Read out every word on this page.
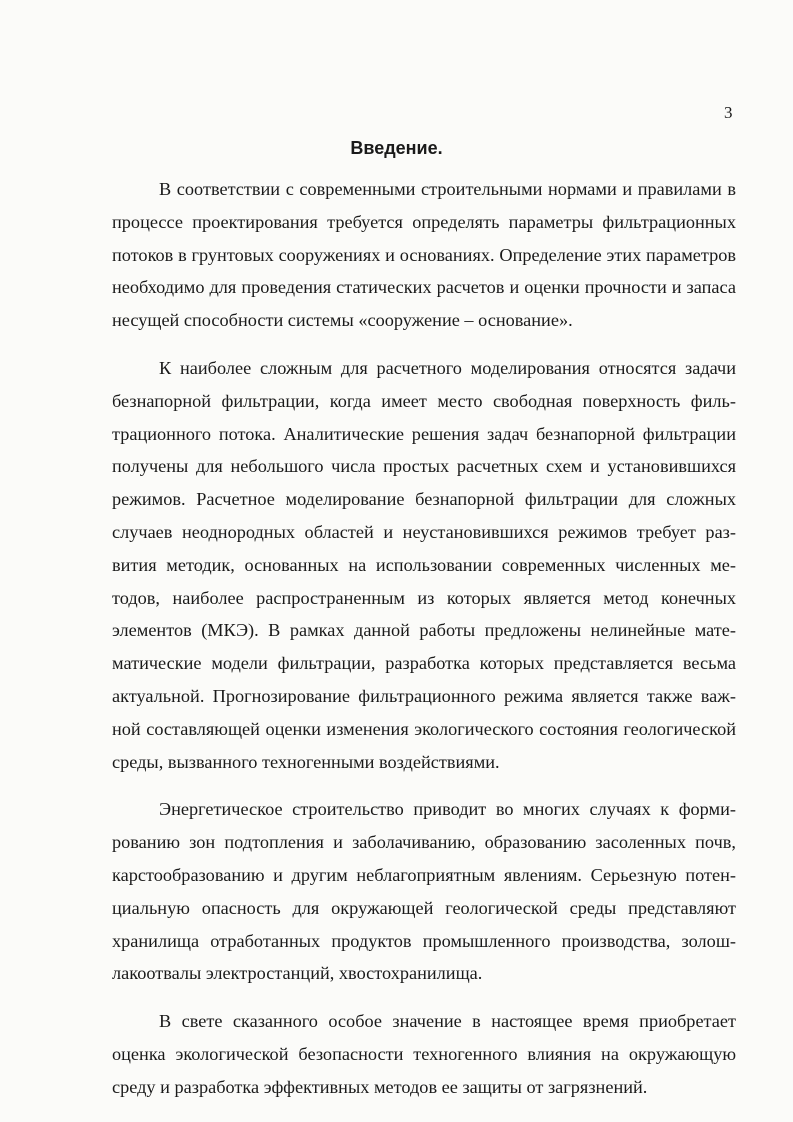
3
Введение.

В соответствии с современными строительными нормами и правилами в процессе проектирования требуется определять параметры фильтрационных потоков в грунтовых сооружениях и основаниях. Определение этих параметров необходимо для проведения статических расчетов и оценки прочности и запаса несущей способности системы «сооружение – основание».

К наиболее сложным для расчетного моделирования относятся задачи безнапорной фильтрации, когда имеет место свободная поверхность фильтрационного потока. Аналитические решения задач безнапорной фильтрации получены для небольшого числа простых расчетных схем и установившихся режимов. Расчетное моделирование безнапорной фильтрации для сложных случаев неоднородных областей и неустановившихся режимов требует развития методик, основанных на использовании современных численных методов, наиболее распространенным из которых является метод конечных элементов (МКЭ). В рамках данной работы предложены нелинейные математические модели фильтрации, разработка которых представляется весьма актуальной. Прогнозирование фильтрационного режима является также важной составляющей оценки изменения экологического состояния геологической среды, вызванного техногенными воздействиями.

Энергетическое строительство приводит во многих случаях к формированию зон подтопления и заболачиванию, образованию засоленных почв, карстообразованию и другим неблагоприятным явлениям. Серьезную потенциальную опасность для окружающей геологической среды представляют хранилища отработанных продуктов промышленного производства, золошлакоотвалы электростанций, хвостохранилища.

В свете сказанного особое значение в настоящее время приобретает оценка экологической безопасности техногенного влияния на окружающую среду и разработка эффективных методов ее защиты от загрязнений.
